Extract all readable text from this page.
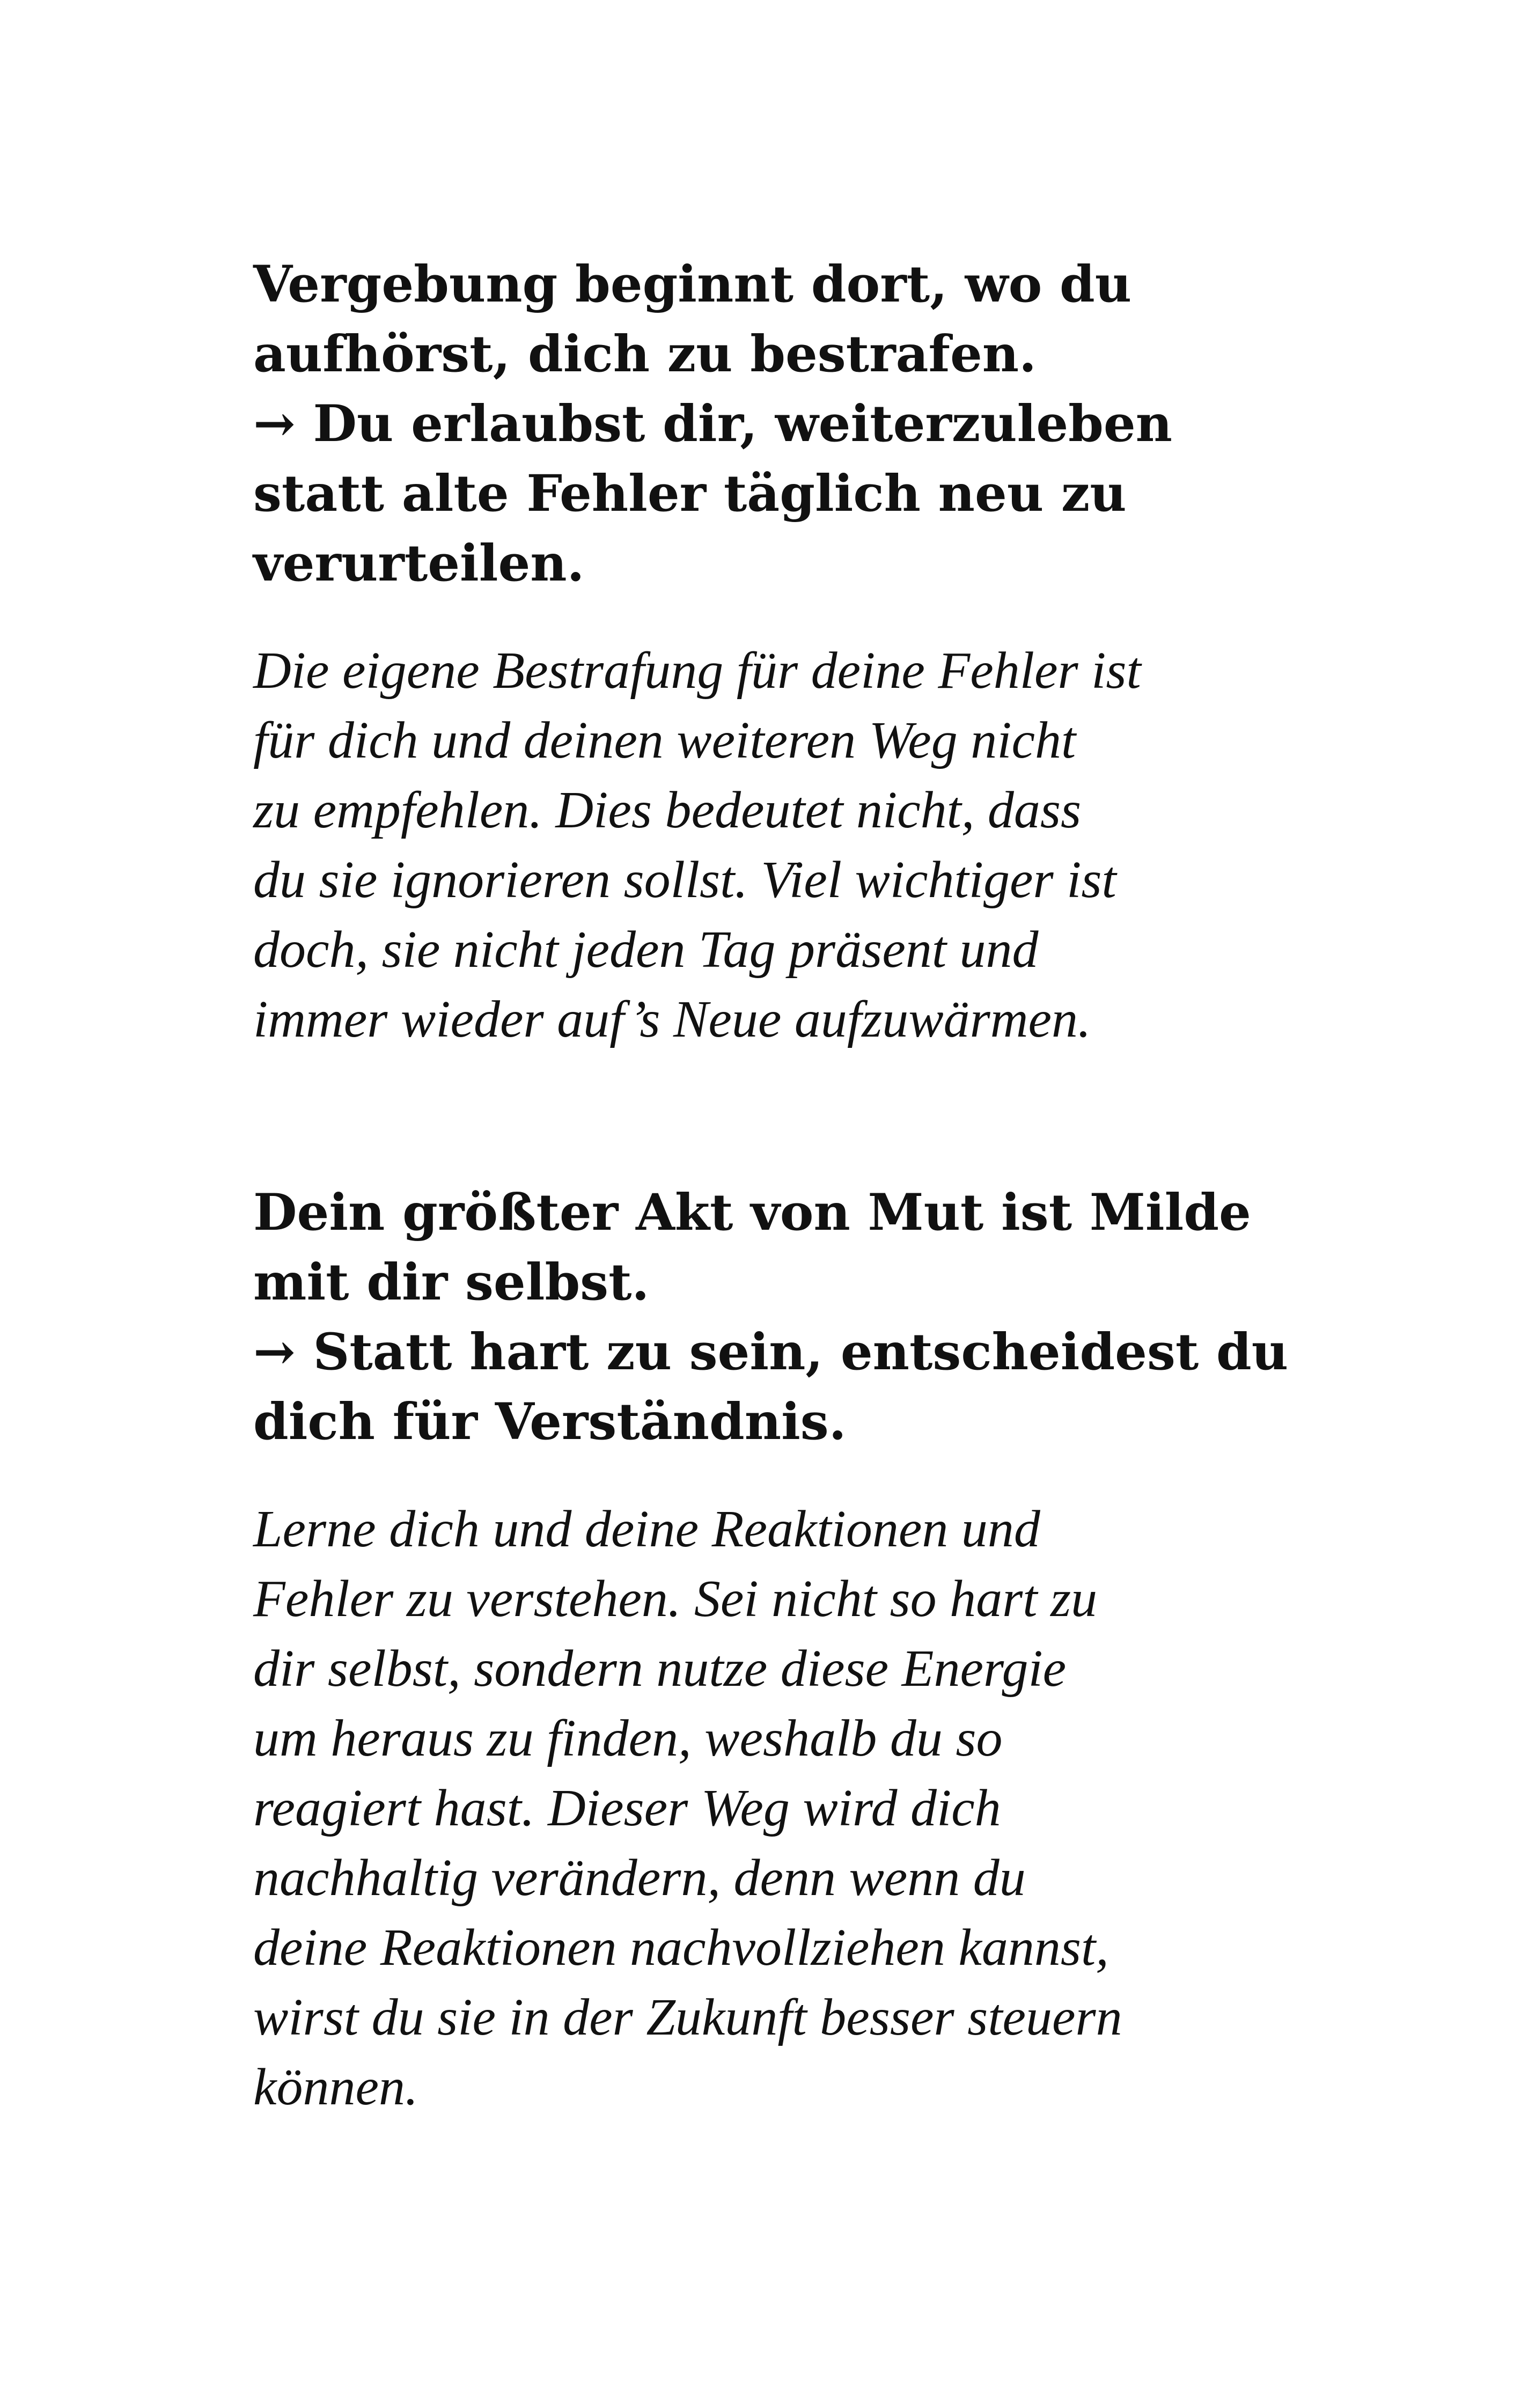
Vergebung beginnt dort, wo du
aufhörst, dich zu bestrafen.
→ Du erlaubst dir, weiterzuleben
statt alte Fehler täglich neu zu
verurteilen.

Die eigene Bestrafung für deine Fehler ist
für dich und deinen weiteren Weg nicht
zu empfehlen. Dies bedeutet nicht, dass
du sie ignorieren sollst. Viel wichtiger ist
doch, sie nicht jeden Tag präsent und
immer wieder auf’s Neue aufzuwärmen.

Dein größter Akt von Mut ist Milde
mit dir selbst.
→ Statt hart zu sein, entscheidest du
dich für Verständnis.

Lerne dich und deine Reaktionen und
Fehler zu verstehen. Sei nicht so hart zu
dir selbst, sondern nutze diese Energie
um heraus zu finden, weshalb du so
reagiert hast. Dieser Weg wird dich
nachhaltig verändern, denn wenn du
deine Reaktionen nachvollziehen kannst,
wirst du sie in der Zukunft besser steuern
können.
